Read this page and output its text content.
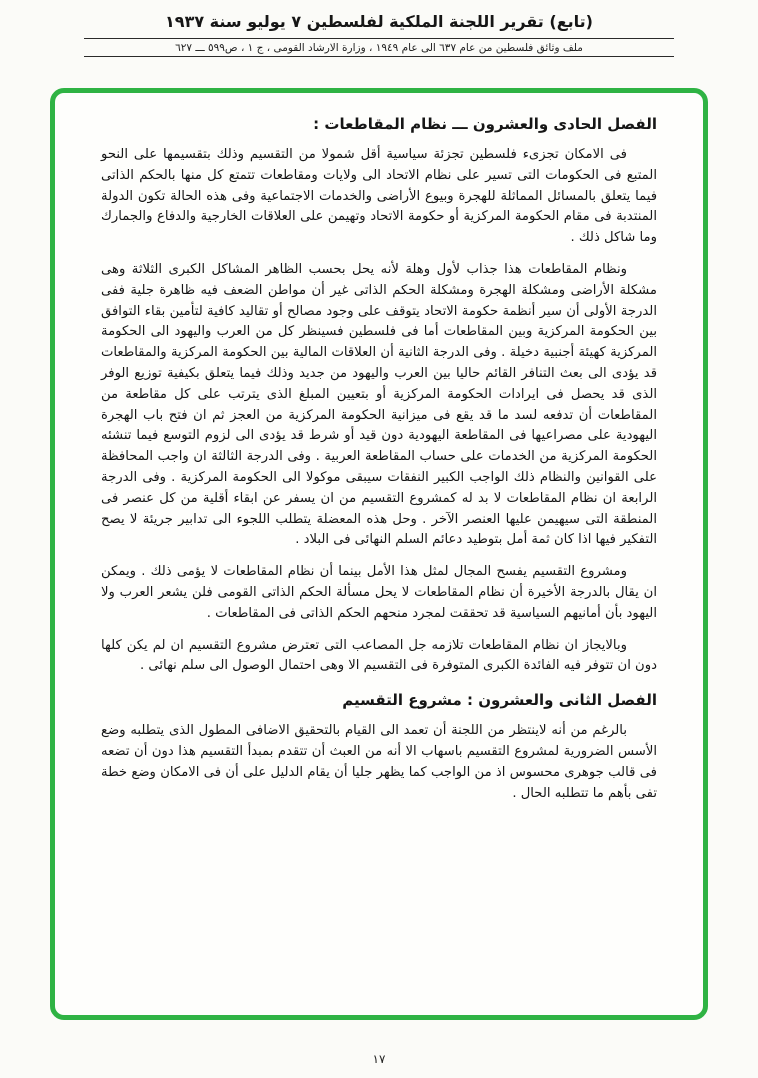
(تابع) تقرير اللجنة الملكية لفلسطين ٧ يوليو سنة ١٩٣٧
ملف وثائق فلسطين من عام ٦٣٧ الى عام ١٩٤٩ ، وزارة الارشاد القومى ، ج ١ ، ص٥٩٩ ـــ ٦٢٧
الفصل الحادى والعشرون ـــ نظام المقاطعات :

فى الامكان تجزىء فلسطين تجزئة سياسية أقل شمولا من التقسيم وذلك بتقسيمها على النحو المتبع فى الحكومات التى تسير على نظام الاتحاد الى ولايات ومقاطعات تتمتع كل منها بالحكم الذاتى فيما يتعلق بالمسائل المماثلة للهجرة وبيوع الأراضى والخدمات الاجتماعية وفى هذه الحالة تكون الدولة المنتدبة فى مقام الحكومة المركزية أو حكومة الاتحاد وتهيمن على العلاقات الخارجية والدفاع والجمارك وما شاكل ذلك .

ونظام المقاطعات هذا جذاب لأول وهلة لأنه يحل بحسب الظاهر المشاكل الكبرى الثلاثة وهى مشكلة الأراضى ومشكلة الهجرة ومشكلة الحكم الذاتى غير أن مواطن الضعف فيه ظاهرة جلية ففى الدرجة الأولى أن سير أنظمة حكومة الاتحاد يتوقف على وجود مصالح أو تقاليد كافية لتأمين بقاء التوافق بين الحكومة المركزية وبين المقاطعات أما فى فلسطين فسينظر كل من العرب واليهود الى الحكومة المركزية كهيئة أجنبية دخيلة . وفى الدرجة الثانية أن العلاقات المالية بين الحكومة المركزية والمقاطعات قد يؤدى الى بعث التنافر القائم حاليا بين العرب واليهود من جديد وذلك فيما يتعلق بكيفية توزيع الوفر الذى قد يحصل فى ايرادات الحكومة المركزية أو بتعيين المبلغ الذى يترتب على كل مقاطعة من المقاطعات أن تدفعه لسد ما قد يقع فى ميزانية الحكومة المركزية من العجز ثم ان فتح باب الهجرة اليهودية على مصراعيها فى المقاطعة اليهودية دون قيد أو شرط قد يؤدى الى لزوم التوسع فيما تنشئه الحكومة المركزية من الخدمات على حساب المقاطعة العربية . وفى الدرجة الثالثة ان واجب المحافظة على القوانين والنظام ذلك الواجب الكبير النفقات سيبقى موكولا الى الحكومة المركزية . وفى الدرجة الرابعة ان نظام المقاطعات لا بد له كمشروع التقسيم من ان يسفر عن ابقاء أقلية من كل عنصر فى المنطقة التى سيهيمن عليها العنصر الآخر . وحل هذه المعضلة يتطلب اللجوء الى تدابير جريئة لا يصح التفكير فيها اذا كان ثمة أمل بتوطيد دعائم السلم النهائى فى البلاد .

ومشروع التقسيم يفسح المجال لمثل هذا الأمل بينما أن نظام المقاطعات لا يؤمى ذلك . ويمكن ان يقال بالدرجة الأخيرة أن نظام المقاطعات لا يحل مسألة الحكم الذاتى القومى فلن يشعر العرب ولا اليهود بأن أمانيهم السياسية قد تحققت لمجرد منحهم الحكم الذاتى فى المقاطعات .

وبالايجاز ان نظام المقاطعات تلازمه جل المصاعب التى تعترض مشروع التقسيم ان لم يكن كلها دون ان تتوفر فيه الفائدة الكبرى المتوفرة فى التقسيم الا وهى احتمال الوصول الى سلم نهائى .

الفصل الثانى والعشرون : مشروع التقسيم

بالرغم من أنه لاينتظر من اللجنة أن تعمد الى القيام بالتحقيق الاضافى المطول الذى يتطلبه وضع الأسس الضرورية لمشروع التقسيم باسهاب الا أنه من العبث أن تتقدم بمبدأ التقسيم هذا دون أن تضعه فى قالب جوهرى محسوس اذ من الواجب كما يظهر جليا أن يقام الدليل على أن فى الامكان وضع خطة تفى بأهم ما تتطلبه الحال .

١٧
